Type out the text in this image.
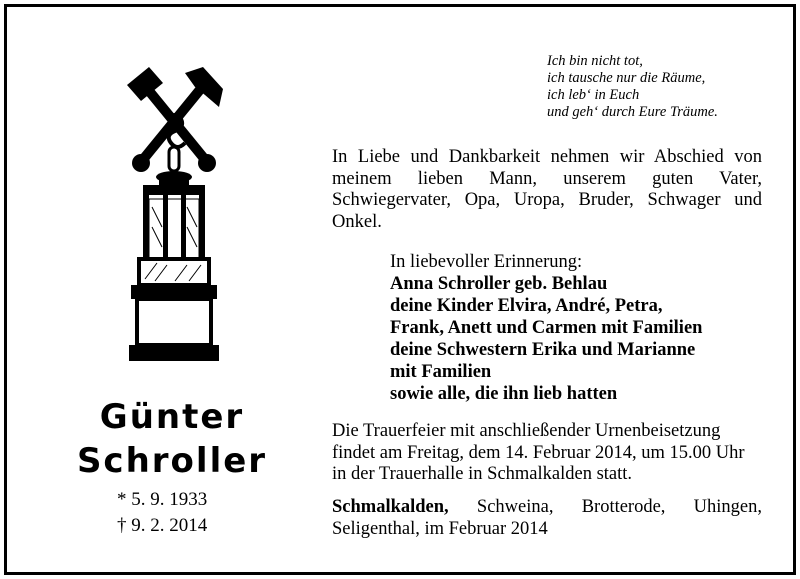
Ich bin nicht tot,
ich tausche nur die Räume,
ich leb‘ in Euch
und geh‘ durch Eure Träume.
Günter
Schroller
* 5. 9. 1933
† 9. 2. 2014
In Liebe und Dankbarkeit nehmen wir Abschied von meinem lieben Mann, unserem guten Vater, Schwiegervater, Opa, Uropa, Bruder, Schwager und Onkel.
In liebevoller Erinnerung:
Anna Schroller geb. Behlau
deine Kinder Elvira, André, Petra,
Frank, Anett und Carmen mit Familien
deine Schwestern Erika und Marianne
mit Familien
sowie alle, die ihn lieb hatten
Die Trauerfeier mit anschließender Urnenbeisetzung
findet am Freitag, dem 14. Februar 2014, um 15.00 Uhr
in der Trauerhalle in Schmalkalden statt.
Schmalkalden, Schweina, Brotterode, Uhingen, Seligenthal, im Februar 2014
